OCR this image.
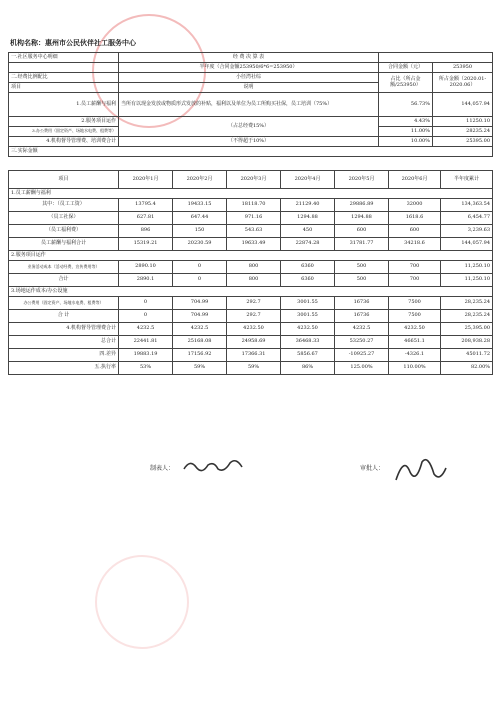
机构名称：惠州市公民伙伴社工服务中心
一.社区服务中心明细	经 费 决 算 表		
	半年度（合同金额253950/6*6=253950）	合同金额（元）	253950
二.经费比例配比	小径湾社综	占比（所占金额/253950）	所占金额（2020.01-2020.06）
项目	说明		
1.员工薪酬与福利	当所有以现金发放或物质形式发放的补贴，福利以及单位为员工所购买社保，员工培训（75%）	56.73%	144,057.94
2.服务项目运作	（占总经费15%）	4.43%	11250.10
3.办公费用（固定资产、场地水电费、租费等）		11.00%	28235.24
4.机构督导管理费、培训费合计	（不得超于10%）	10.00%	25395.00
三.实际金额			
项目	2020年1月	2020年2月	2020年3月	2020年4月	2020年5月	2020年6月	半年度累计
1.员工薪酬与福利							
其中：（员工工资）	13795.4	19433.15	18118.70	21129.40	29886.89	32000	134,363.54
（员工社保）	627.81	647.44	971.16	1294.88	1294.88	1618.6	6,454.77
（员工福利费）	896	150	543.63	450	600	600	3,239.63
员工薪酬与福利合计	15319.21	20230.59	19633.49	22874.28	31781.77	34218.6	144,057.94
2.服务项目运作							
业务活动成本（活动经费，宣传费用等）	2890.10	0	800	6360	500	700	11,250.10
合计	2890.1	0	800	6360	500	700	11,250.10
3.场地运作成本/办公设施							
办公费用（固定资产、场地水电费、租费等）	0	704.99	292.7	3001.55	16736	7500	28,235.24
合 计	0	704.99	292.7	3001.55	16736	7500	28,235.24
4.机构督导管理费合计	4232.5	4232.5	4232.50	4232.50	4232.5	4232.50	25,395.00
总合计	22441.81	25168.08	24958.69	36468.33	53250.27	46651.1	208,938.28
四.差异	19883.19	17156.92	17366.31	5856.67	-10925.27	-4326.1	45011.72
五.执行率	53%	59%	59%	86%	125.00%	110.00%	82.00%
制表人：	审批人：
